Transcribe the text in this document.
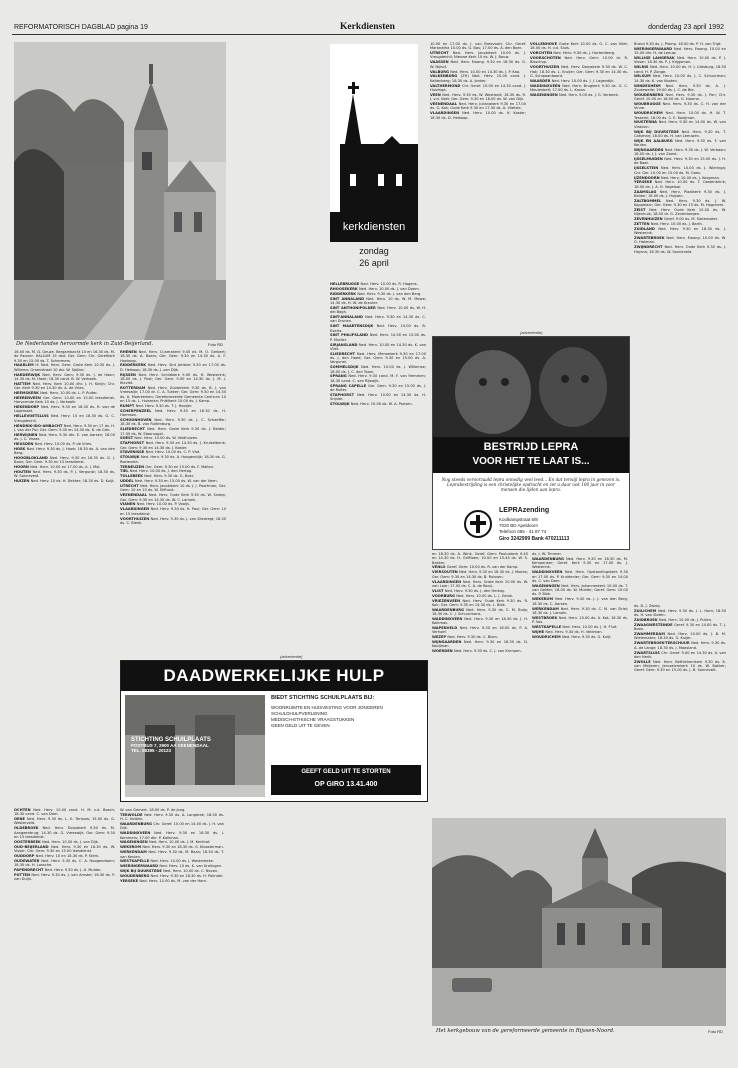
REFORMATORISCH DAGBLAD pagina 19	Kerkdiensten	donderdag 23 april 1992
De Nederlandse hervormde kerk in Zuid-Beijerland.	Foto RD

16.00 ds. M. D. Geuze. Bergambacht 10 en 16.30 ds. M. de Reuver. HALLUM 15 dsd. Ger. Gem: Chr. Gerefkerk 9.30 en 15.00 ds. T. Schermers.

HAARLEM H: Ned. Herv. Gem: Grote Kerk 10.30 ds. J. Willems; Groenstraat 10 dsr. W. Spijker.

HARDERWIJK Ned. Herv. Gem: 9.30 ds. J. de Haan; 14.30 ds. M. Hoek; 18.30 cand. B. W. Verbeek.

HATTEM Ned. Herv. Kerk 10.00 dhr. J. H. Kleijn; Chr. Ger. Kerk 9.30 en 14.30 ds. A. de Vries.

HEEMSKERK Ned. Herv. 10.00 ds. L. P. Ruiter.

HEERENVEEN Ger. Gem: 10.00 en 15.00 leesdienst; Hervormde Kerk 10 ds. J. Verkaaik.

HEKENDORP Ned. Herv. 9.30 en 18.30 ds. H. van de Lagemaat.

HELLEVOETSLUIS Ned. Herv. 10 en 18.30 ds. G. C. Vreugdenhil.

HENDRIK-IDO-AMBACHT Ned. Herv. 9.30 en 17 ds. H. J. van der Pol; Ger. Gem: 9.30 en 14.30 ds. K. de Gier.

HERWIJNEN Ned. Herv. 9.30 dhr. E. van Aarsen; 18.00 ds. J. C. Visser.

HEUSDEN Ned. Herv. 10.00 ds. P. de Vries.

HOEK Ned. Herv. 9.30 ds. J. Hoek; 18.30 ds. A. van den Berg.

HOOGBLOKLAND Ned. Herv. 9.30 en 18.30 ds. G. J. Baan; Ger. Gem: 9.30 en 15 leesdienst.

HOORN Ned. Herv. 10.00 en 17.00 ds. A. J. Mol.

HOUTEN Ned. Herv. 9.30 ds. P. J. Vergunst; 18.30 ds. W. Sonneveld.

HUIZEN Ned. Herv. 10 ds. H. Dekker; 18.30 ds. D. Kuijt.

OCHTEN Ned. Herv. 10.00 cand. H. M. v.d. Bosch; 18.30 cand. C. van Dam.

OENE Ned. Herv. 9.30 ds. L. G. Terlouw; 15.00 ds. G. Westerveld.

OLDEBROEK Ned. Herv. Dorpskerk 9.30 ds. M. Aangeenbrug; 14.30 ds. G. Vreeswijk; Ger. Gem: 9.30 en 15 leesdienst.

OOSTERBEEK Ned. Herv. 10.00 ds. J. van Dijk.

OUD-BEIJERLAND Ned. Herv. 9.30 en 18.30 ds. W. Visser; Ger. Gem: 9.30 en 15.00 leesdienst.

OUDDORP Ned. Herv. 10 en 18.30 ds. P. Sterk.

OUDEWATER Ned. Herv. 9.30 ds. C. A. Hoogendoorn; 18.30 ds. H. Lassche.

PAPENDRECHT Ned. Herv. 9.30 ds. J. A. Mulder.

PUTTEN Ned. Herv. 9.30 ds. J. van Amstel; 18.30 ds. P. van Duijn.

RHENEN Ned. Herv. Cunerakerk 9.45 ds. M. O. Gerbert; 18.30 ds. A. Baars; Ger. Gem: 9.30 en 14.30 ds. A. F. Honkoop.

RIDDERKERK Ned. Herv. Sint Jorisker 9.30 en 17.00 ds. D. Heikoop; 18.30 ds. J. van Dijk.

RIJSSEN Ned. Herv. Schildkerk 9.00 ds. H. Westerink; 18.00 ds. J. Post; Ger. Gem: 9.00 en 14.30 ds. J. M. J. Kieviet.

ROTTERDAM Ned. Herv. Zuiderkerk 9.30 ds. B. J. van Vreeswijk; 17.00 dr. C. A. Tukker; Ger. Gem: 9.30 en 14.30 ds. A. Moerkerken; Gereformeerde Gemeente Centrum 10 en 15 ds. L. Huisman; Pniëlkerk 10.00 ds. J. Kamp.

RUMPT Ned. Herv. 9.30 ds. T. J. Hooijer.

SCHERPENZEEL Ned. Herv. 9.30 en 18.30 ds. H. Harmsen.

SCHOONHOVEN Ned. Herv. 9.30 ds. J. C. Schaeffer; 18.30 ds. B. van Ruitenburg.

SLIEDRECHT Ned. Herv. Grote Kerk 9.30 ds. J. Belder; 17.00 ds. W. Stoorvogel.

SOEST Ned. Herv. 10.00 ds. W. Veldhuizen.

STAPHORST Ned. Herv. 9.30 en 14.30 ds. J. Kruiselbrink; Ger. Gem: 9.30 en 14.30 ds. J. Koster.

STAVENISSE Ned. Herv. 10.00 ds. C. P. Vlot.

STOLWIJK Ned. Herv. 9.30 ds. A. Hoogendijk; 18.30 ds. G. Roeleveld.

TERNEUZEN Ger. Gem: 9.30 en 15.00 ds. F. Mallan.

TIEL Ned. Herv. 10.00 ds. J. den Hertog.

TOLLEBEEK Ned. Herv. 9.30 ds. G. Boer.

UDDEL Ned. Herv. 9.30 en 15.00 ds. W. van der Veen.

UTRECHT Ned. Herv. Jacobikerk 10 ds. J. J. Poortman; Ger. Gem: 10 en 15 ds. W. Silfhout.

VEENENDAAL Ned. Herv. Oude Kerk 9.30 ds. W. Sneep; Ger. Gem: 9.30 en 14.30 ds. W. C. Lamain.

VIANEN Ned. Herv. 10.00 ds. P. Vooijs.

VLAARDINGEN Ned. Herv. 9.30 ds. H. Paul; Ger. Gem: 10 en 15 leesdienst.

VOORTHUIZEN Ned. Herv. 9.30 ds. J. van Sliedregt; 18.30 ds. C. Blenk.

W. van Gemert. 18.00 ds. P. de Jong.

TERWOLDE Ned. Herv. 9.30 ds. A. Langerak; 18.00 ds. H. C. Hoitink.

WAARDENBURG Chr. Geref. 10.00 en 14.00 ds. J. H. van Dijk.

WADDINXVEEN Ned. Herv. 9.30 en 18.30 ds. J. Kommers; 17.00 dhr. P. Kalkman.

WAGENINGEN Ned. Herv. 10.00 ds. J. M. Kerkhof.

WEKEROM Ned. Herv. 9.30 en 18.30 ds. G. Kloosterman.

WERKENDAM Ned. Herv. 9.30 ds. M. Baan; 18.30 ds. T. van Keulen.

WESTKAPELLE Ned. Herv. 10.00 ds. J. Westerbeke.

WIERINGERWAARD Ned. Herv. 10 ds. K. van Kralingen.

WIJK BIJ DUURSTEDE Ned. Herv. 10.00 ds. C. Neven.

WOUDENBERG Ned. Herv. 9.30 en 18.30 ds. H. Polinder.

YERSEKE Ned. Herv. 10.00 ds. M. van der Ham.

kerkdiensten
zondag
26 april

HELLEBRUGGE Ned. Herv. 10.00 ds. R. Hagens.

RHOOSEKERK Ned. Herv. 10.00 ds. J. van Doorn.

RIDDERKERK Ned. Herv. 9.30 ds. J. van den Berg.

SINT ANNALAND Ned. Herv. 10 ds. W. M. Mewe; 14.30 ds. H. W. de Kreuter.

SINT ANTHONIPOLDER Ned. Herv. 10.00 ds. W. H. del Bagh.

SINT-ANNALAND Ned. Herv. 9.30 en 14.30 ds. C. van Drunen.

SINT MAARTENSDIJK Ned. Herv. 10.00 ds. B. Everts.

SINT PHILIPSLAND Ned. Herv. 10.00 en 15.00 ds. P. Mulder.

SIRJANSLAND Ned. Herv. 10.00 en 14.30 ds. K. van Vliet.

SLIEDRECHT Ned. Herv. Merwekerk 9.30 en 17.00 ds. J. den Hoed; Ger. Gem: 9.30 en 15.00 ds. A. Vergunst.

SOMMELSDIJK Ned. Herv. 10.00 ds. J. Willemse; 18.00 ds. J. C. den Toom.

SPRANG Ned. Herv. 9.30 cand. M. F. van Hemmen; 18.30 cand. C. van Rijswijk.

SPRANG CAPELLE Ger. Gem: 9.30 en 15.00 ds. J. de Ruiter.

STAPHORST Ned. Herv. 10.00 en 14.30 ds. H. Snijder.

STOLWIJK Ned. Herv. 10.00 ds. W. A. Ponsen.

10.00 en 17.00 ds. J. van Breevoort; Chr. Geref. Maranatha 10.00 ds. G. Bos; 17.00 ds. A. den Boer.

UTRECHT Ned. Herv. Jacobikerk 10.00 ds. J. Vreugdenhil; Nieuwe Kerk 10 ds. W. J. Bouw.

VAASSEN Ned. Herv. Ewang. 9.30 en 18.30 ds. G. W. Nijhof.

VALBURG Ned. Herv. 10.00 en 14.30 ds. J. P. Kaa.

VALKENBURG (ZH) Ned. Herv. 10.00 cand. J. Kaltenberg; 18.30 ds. A. Jonker.

VALTHERMOND Chr. Geref. 10.00 en 14.30 cand. J. Huizinga.

VEEN Ned. Herv. 9.30 ds. W. Westland; 18.30 ds. R. J. v.d. Voet; Ger. Gem: 9.30 en 18.00 ds. W. van Dijk.

VEENENDAAL Ned. Herv. Julianakerk 9.30 en 17.00 ds. G. Kok; Oude Kerk 9.30 en 17.30 ds. A. Vlietzie.

VLAARDINGEN Ned. Herv. 10.00 ds. H. Koster; 18.30 ds. D. Heikoop.

(advertentie)
BESTRIJD LEPRA
VOOR HET TE LAAT IS...
Nog steeds veroorzaakt lepra onnodig veel leed... En dat terwijl lepra in genezen is. Leprabestrijding is een christelijke opdracht en zet u daar ook 100 jaar in voor mensen die lijden aan lepra.
LEPRAzending
Koolkampstraat 6/8
7020 BD Apeldoorn
Telefoon 055 - 41 87 74
Giro 3242999 Bank 470211113

en 18.30 ds. A. Wink. Geref. Gem: Pauluskerk 9.45 en 14.30 ds. H. Griffioen; 10.00 en 15.45 ds. W. S. Bakker.

VENLO Geref. Gem: 10.00 ds. R. van der Kamp.

VIERSOUTEN Ned. Herv. 9.30 en 18.30 ds. J. Moens; Ger. Gem: 9.30 en 14.30 ds. B. Ruissen.

VLAARDINGEN Ned. Herv. Grote Kerk 10.00 ds. W. van Laar; 17.00 ds. C. A. de Rooij.

VLIST Ned. Herv. 9.30 ds. J. den Hertog.

VOORBURG Ned. Herv. 10.00 ds. L. J. Geluk.

VRIEZENVEEN Ned. Herv. Oude Kerk 9.30 ds. R. Kok; Ger. Gem: 9.30 en 14.30 ds. L. Blok.

WAARDENBURG Ned. Herv. 9.30 ds. C. M. Buijs; 18.30 ds. C. J. Schuurmans.

WADDINXVEEN Ned. Herv. 9.30 en 18.30 ds. J. H. Kolkman.

WAPENVELD Ned. Herv. 9.30 en 18.00 ds. P. A. Verhoef.

WEZEP Ned. Herv. 9.30 ds. C. Blom.

WIJNGAARDEN Ned. Herv. 9.30 en 18.30 ds. D. Kooijman.

WOERDEN Ned. Herv. 9.30 ds. C. J. van Krimpen.

VOLLENHOVE Grote Kerk 10.00 ds. G. C. van Vliet; 18.00 ds. H. v.d. Sluis.

VORCHTEN Ned. Herv. 9.30 ds. J. Hortentberg.

VOORSCHOTEN Ned. Herv. Gem: 10.00 dr. R. Bisschop.

VOORTHUIZEN Ned. Herv. Dorpskerk 9.30 ds. W. C. Hak; 18.30 ds. L. Kruijer; Ger. Gem: 9.30 en 14.30 ds. G. Schipaanboord.

WAARDER Ned. Herv. 10.00 ds. J. J. Lagendijk.

WADDINXVEEN Ned. Herv. Brugkerk 9.30 ds. G. C. Meulenbelt; 17.00 ds. L. Kroon.

WAGENINGEN Ned. Herv. 9.00 ds. J. G. Verbeek.

ds. J. W. Timmer.

WAARDENBURG Ned. Herv. 9.30 en 18.30 ds. M. Kempeneer; Geref. Kerk 9.30 en 17.00 ds. J. Westerink.

WADDINXVEEN Ned. Herv. Opstandingskerk 9.30 en 17.00 ds. P. Kruidenier; Ger. Gem: 9.30 en 14.00 ds. C. van Dam.

WAGENINGEN Ned. Herv. Johanneskerk 10.00 ds. T. van Gelder; 18.00 ds. W. Mulder; Geref. Gem: 10.00 ds. P. Blok.

WEKEROM Ned. Herv. 9.30 ds. J. J. van den Berg; 18.30 ds. C. Aarsen.

WERKENDAM Ned. Herv. 9.30 ds. C. M. van Driel; 18.30 ds. J. Lamain.

WESTBROEK Ned. Herv. 10.00 ds. A. Kot; 18.30 ds. P. Vos.

WESTKAPELLE Ned. Herv. 10.00 ds. J. H. Fluit.

WIJHE Ned. Herv. 9.30 ds. H. Veldman.

WOUDRICHEM Ned. Herv. 9.30 ds. G. Kuijt.

Brand 9.30 ds. J. Plomp. 18.00 ds. P. H. van Trigt.

WIERINGERWAARD Ned. Herv. Ewang. 10.00 en 15.00 dhr. H. de Leeuw.

WILLIGE LANGERAK Ned. Herv. 10.00 ds. P. J. Visser; 18.30 ds. P. J. Krijgsman.

WILNIS Ned. Herv. 10.00 ds. H. J. Catsburg; 18.30 cand. H. P. Zonge.

WILSUM Ned. Herv. 10.00 ds. J. C. Schuurman; 14.30 ds. K. van Kooten.

WINDESHEIM Ned. Herv. 9.30 ds. A. J. Zoutewelle; 19.00 ds. J. C. de Bie.

WOUDENBERG Ned. Herv. 9.30 ds. J. Pon; Chr. Geref. 10.00 en 16.00 ds. G. Hoorne.

WOUBRUGGE Ned. Herv. 9.30 ds. C. H. van der Vinne.

WOUDRICHEM Ned. Herv. 10.00 ds. H. W. T. Tessemi; 18.00 ds. C. E. Kooijman.

WUSTERNA Ned. Herv. 9.30 en 14.00 ds. W. van Vlastuin.

WIJK BIJ DUURSTEDE Ned. Herv. 9.30 ds. T. Catsman; 18.00 ds. H. van Leeuwen.

WIJK EN AALBURG Ned. Herv. 9.30 ds. F. van Keulen.

WIJNGAARDEN Ned. Herv. 9.30 ds. J. W. Verbaan; 18.00 ds. J. J. van Zoest.

IJSSELMUIDEN Ned. Herv. 9.30 en 15.00 ds. J. H. de Baat.

IJSSELSTEIN Ned. Herv. 10.00 ds. J. Wieringa; Chr. Ger. 10.00 en 15.00 ds. M. Goes.

IJZENDOORN Ned. Herv. 10.00 ds. J. Koopman.

YERSEKE Ned. Herv. 10.00 ds. T. Oostenbrink; 18.00 ds. J. A. H. Vogelaar.

ZAAMSLAG Ned. Herv. Plaatkerk 9.30 ds. J. Belder; 18.00 ds. J. Huijsen.

ZALTBOMMEL Ned. Herv. 9.30 ds. J. W. Koppelaar; Ger. Gem: 9.30 en 15 ds. M. Hogchem.

ZEIST Ned. Herv. Oude Kerk 10.00 ds. W. Nijenhuis; 18.00 dr. G. Zevenbergen.

ZEVENHUIZEN Geref. 9.00 ds. M. Slotemaker.

ZETTEN Ned. Herv. 10.00 ds. J. Barth.

ZUIDLAND Ned. Herv. 9.30 en 18.30 ds. J. Westerink.

ZWARTEBROEK Ned. Herv. Ewang. 10.00 ds. W. G. Hakman.

ZWIJNDRECHT Ned. Herv. Oude Kerk 9.30 ds. J. Hayma; 18.30 ds. W. Sonneveld.

ds. D. J. Zwiep.

ZUILICHEM Ned. Herv. 9.30 ds. J. L. Hom; 18.30 ds. H. van Sloten.

ZUIDBROEK Ned. Herv. 10.00 ds. J. Pullen.

ZWAAGWESTEINDE Geref. 9.30 en 14.00 ds. T. J. Boon.

ZWAMMERDAM Ned. Herv. 10.00 ds. J. B. M. Wielemaker; 18.30 ds. G. Kuijer.

ZWARTEBROEK-TERSCHUUR Ned. Herv. 9.30 ds. A. de Lange; 18.30 ds. J. Maasland.

ZWARTSLUIS Chr. Geref. 9.00 en 14.30 ds. A. van den Herik.

ZWOLLE Ned. Herv. Bethlehemkerk 9.30 ds. K. van Meijeren; Jeruzalemkerk 10 ds. W. Bakker; Geref. Gem: 9.30 en 15.00 ds. J. B. Sonnevelt.

(advertentie)
DAADWERKELIJKE HULP
BIEDT STICHTING SCHUILPLAATS BIJ:
WOONRUIMTE EN HUISVESTING VOOR JONGEREN
SCHULDHULPVERLENING
MEDISCH-ETHISCHE VRAAGSTUKKEN
GEEN GELD UIT TE GEVEN
STICHTING SCHUILPLAATS
POSTBUS 7, 2900 AA VEENENDAAL
TEL. 08385 - 20123
GEEFT GELD UIT TE STORTEN
OP GIRO 13.41.400
Het kerkgebouw van de gereformeerde gemeente in Rijssen-Noord.	Foto RD
